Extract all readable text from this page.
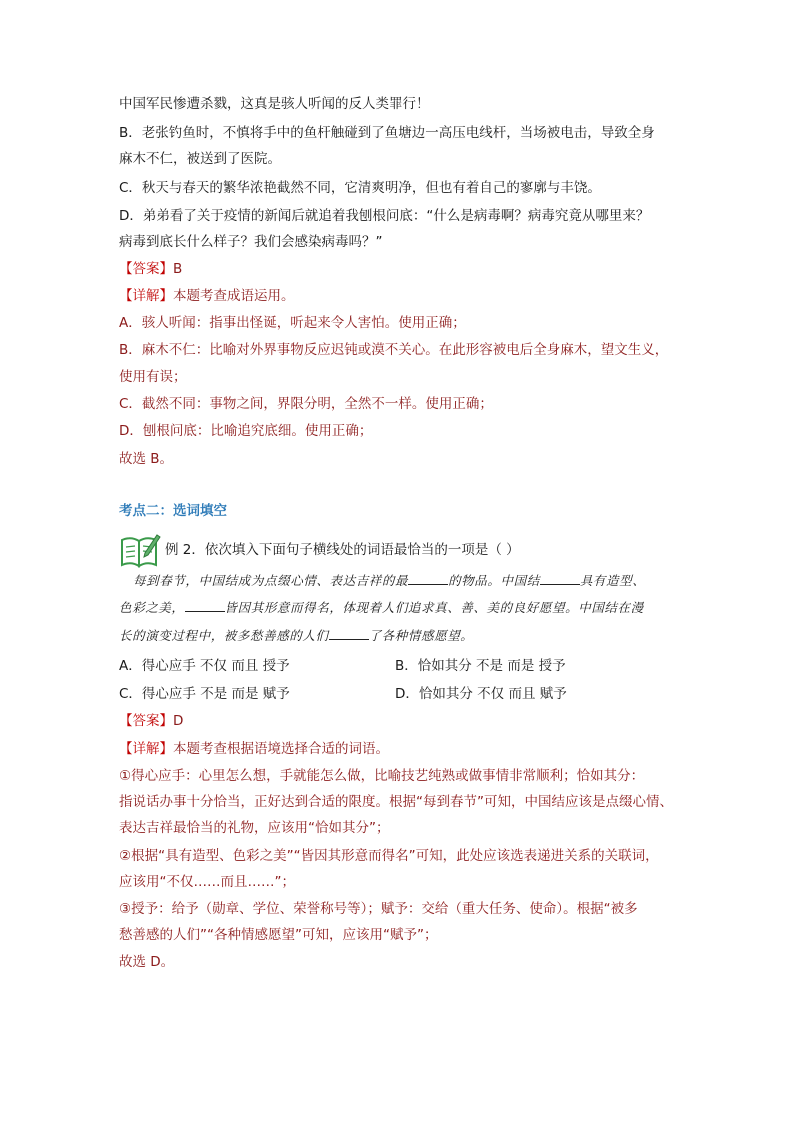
中国军民惨遭杀戮，这真是骇人听闻的反人类罪行！
B．老张钓鱼时，不慎将手中的鱼杆触碰到了鱼塘边一高压电线杆，当场被电击，导致全身
麻木不仁，被送到了医院。
C．秋天与春天的繁华浓艳截然不同，它清爽明净，但也有着自己的寥廓与丰饶。
D．弟弟看了关于疫情的新闻后就追着我刨根问底：“什么是病毒啊？病毒究竟从哪里来？
病毒到底长什么样子？我们会感染病毒吗？”
【答案】B
【详解】本题考查成语运用。
A．骇人听闻：指事出怪诞，听起来令人害怕。使用正确；
B．麻木不仁：比喻对外界事物反应迟钝或漠不关心。在此形容被电后全身麻木，望文生义，
使用有误；
C．截然不同：事物之间，界限分明，全然不一样。使用正确；
D．刨根问底：比喻追究底细。使用正确；
故选 B。
考点二：选词填空
例 2．依次填入下面句子横线处的词语最恰当的一项是（ ）
每到春节，中国结成为点缀心情、表达吉祥的最	的物品。中国结	具有造型、
色彩之美，	皆因其形意而得名，体现着人们追求真、善、美的良好愿望。中国结在漫
长的演变过程中，被多愁善感的人们	了各种情感愿望。
A．得心应手 不仅 而且 授予	B．恰如其分 不是 而是 授予
C．得心应手 不是 而是 赋予	D．恰如其分 不仅 而且 赋予
【答案】D
【详解】本题考查根据语境选择合适的词语。
①得心应手：心里怎么想，手就能怎么做，比喻技艺纯熟或做事情非常顺利；恰如其分：
指说话办事十分恰当，正好达到合适的限度。根据“每到春节”可知，中国结应该是点缀心情、
表达吉祥最恰当的礼物，应该用“恰如其分”；
②根据“具有造型、色彩之美”“皆因其形意而得名”可知，此处应该选表递进关系的关联词，
应该用“不仅……而且……”；
③授予：给予（勋章、学位、荣誉称号等）；赋予：交给（重大任务、使命）。根据“被多
愁善感的人们”“各种情感愿望”可知，应该用“赋予”；
故选 D。
